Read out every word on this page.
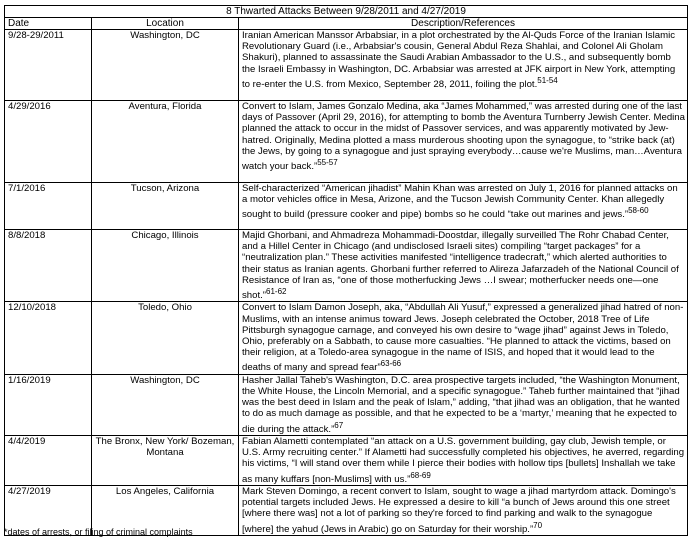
8 Thwarted Attacks Between 9/28/2011 and 4/27/2019		
Date	Location	Description/References
9/28-29/2011	Washington, DC	Iranian American Manssor Arbabsiar, in a plot orchestrated by the Al-Quds Force of the Iranian Islamic Revolutionary Guard (i.e., Arbabsiar's cousin, General Abdul Reza Shahlai, and Colonel Ali Gholam Shakuri), planned to assassinate the Saudi Arabian Ambassador to the U.S., and subsequently bomb the Israeli Embassy in Washington, DC. Arbabsiar was arrested at JFK airport in New York, attempting to re-enter the U.S. from Mexico, September 28, 2011, foiling the plot.$^{51-54}$
4/29/2016	Aventura, Florida	Convert to Islam, James Gonzalo Medina, aka “James Mohammed,” was arrested during one of the last days of Passover (April 29, 2016), for attempting to bomb the Aventura Turnberry Jewish Center. Medina planned the attack to occur in the midst of Passover services, and was apparently motivated by Jew-hatred. Originally, Medina plotted a mass murderous shooting upon the synagogue, to “strike back (at) the Jews, by going to a synagogue and just spraying everybody…cause we're Muslims, man…Aventura watch your back.”$^{55-57}$
7/1/2016	Tucson, Arizona	Self-characterized “American jihadist” Mahin Khan was arrested on July 1, 2016 for planned attacks on a motor vehicles office in Mesa, Arizone, and the Tucson Jewish Community Center. Khan allegedly sought to build (pressure cooker and pipe) bombs so he could “take out marines and jews.”$^{58-60}$
8/8/2018	Chicago, Illinois	Majid Ghorbani, and Ahmadreza Mohammadi-Doostdar, illegally surveilled The Rohr Chabad Center, and a Hillel Center in Chicago (and undisclosed Israeli sites) compiling “target packages” for a “neutralization plan.” These activities manifested “intelligence tradecraft,” which alerted authorities to their status as Iranian agents. Ghorbani further referred to Alireza Jafarzadeh of the National Council of Resistance of Iran as, “one of those motherfucking Jews …I swear; motherfucker needs one—one shot.”$^{61-62}$
12/10/2018	Toledo, Ohio	Convert to Islam Damon Joseph, aka, “Abdullah Ali Yusuf,” expressed a generalized jihad hatred of non-Muslims, with an intense animus toward Jews. Joseph celebrated the October, 2018 Tree of Life Pittsburgh synagogue carnage, and conveyed his own desire to “wage jihad” against Jews in Toledo, Ohio, preferably on a Sabbath, to cause more casualties. “He planned to attack the victims, based on their religion, at a Toledo-area synagogue in the name of ISIS, and hoped that it would lead to the deaths of many and spread fear”$^{63-66}$
1/16/2019	Washington, DC	Hasher Jallal Taheb's Washington, D.C. area prospective targets included, “the Washington Monument, the White House, the Lincoln Memorial, and a specific synagogue.” Taheb further maintained that “jihad was the best deed in Islam and the peak of Islam,” adding, “that jihad was an obligation, that he wanted to do as much damage as possible, and that he expected to be a ‘martyr,’ meaning that he expected to die during the attack.”$^{67}$
4/4/2019	The Bronx, New York/ Bozeman, Montana	Fabian Alametti contemplated “an attack on a U.S. government building, gay club, Jewish temple, or U.S. Army recruiting center.” If Alametti had successfully completed his objectives, he averred, regarding his victims, “I will stand over them while I pierce their bodies with hollow tips [bullets] Inshallah we take as many kuffars [non-Muslims] with us.”$^{68-69}$
4/27/2019	Los Angeles, California	Mark Steven Domingo, a recent convert to Islam, sought to wage a jihad martyrdom attack. Domingo's potential targets included Jews. He expressed a desire to kill “a bunch of Jews around this one street [where there was] not a lot of parking so they're forced to find parking and walk to the synagogue [where] the yahud (Jews in Arabic) go on Saturday for their worship.”$^{70}$
*dates of arrests, or filing of criminal complaints
